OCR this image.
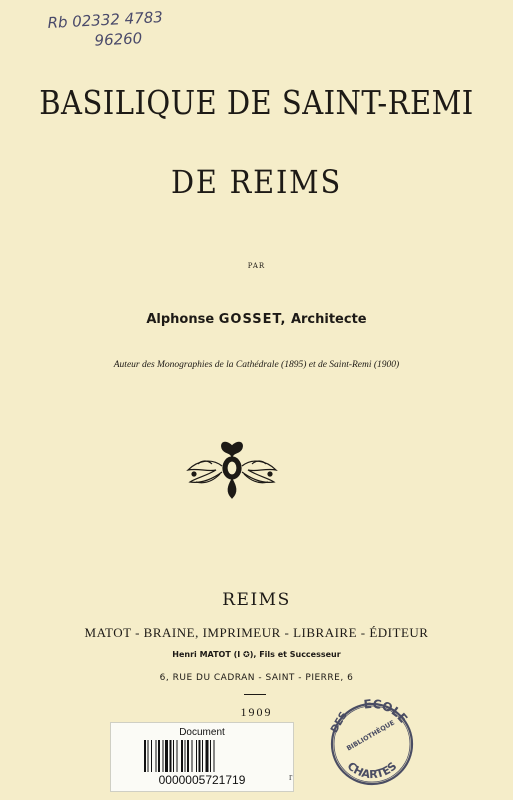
Rb 02332 4783
96260
BASILIQUE DE SAINT-REMI
DE REIMS
PAR
Alphonse GOSSET, Architecte
Auteur des Monographies de la Cathédrale (1895) et de Saint-Remi (1900)
REIMS
MATOT - BRAINE, IMPRIMEUR - LIBRAIRE - ÉDITEUR
Henri MATOT (I ✪), Fils et Successeur
6, RUE DU CADRAN - SAINT - PIERRE, 6
1909
Document
0000005721719	r
ECOLE
CHARTES
DES
BIBLIOTHÈQUE
